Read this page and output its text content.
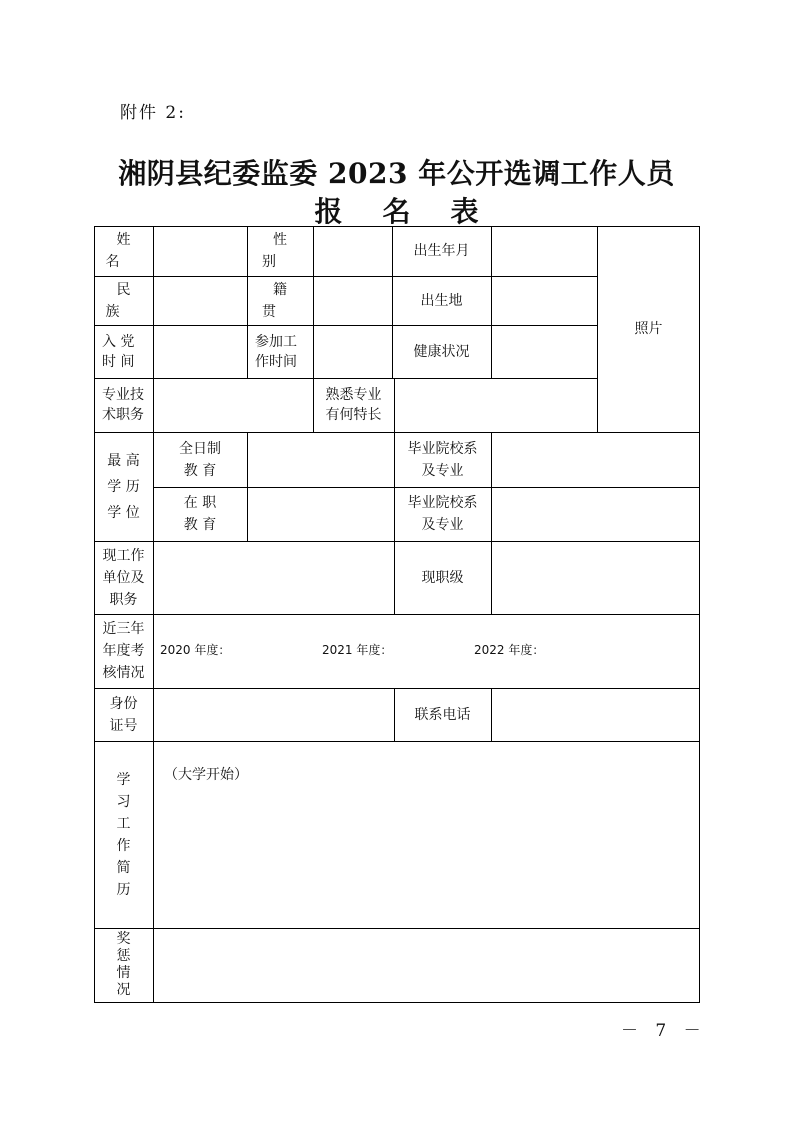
附件 2:
湘阴县纪委监委 2023 年公开选调工作人员
报名表
姓名
性别
出生年月
照片
民族
籍贯
出生地
入 党
时 间
参加工
作时间
健康状况
专业技
术职务
熟悉专业
有何特长
最 高
学 历
学 位
全日制
教 育
毕业院校系
及专业
在 职
教 育
毕业院校系
及专业
现工作
单位及
职务
现职级
近三年
年度考
核情况
2020 年度：	2021 年度：	2022 年度：
身份
证号
联系电话
学习工作简历
（大学开始）
奖惩情况
－ 7 －
